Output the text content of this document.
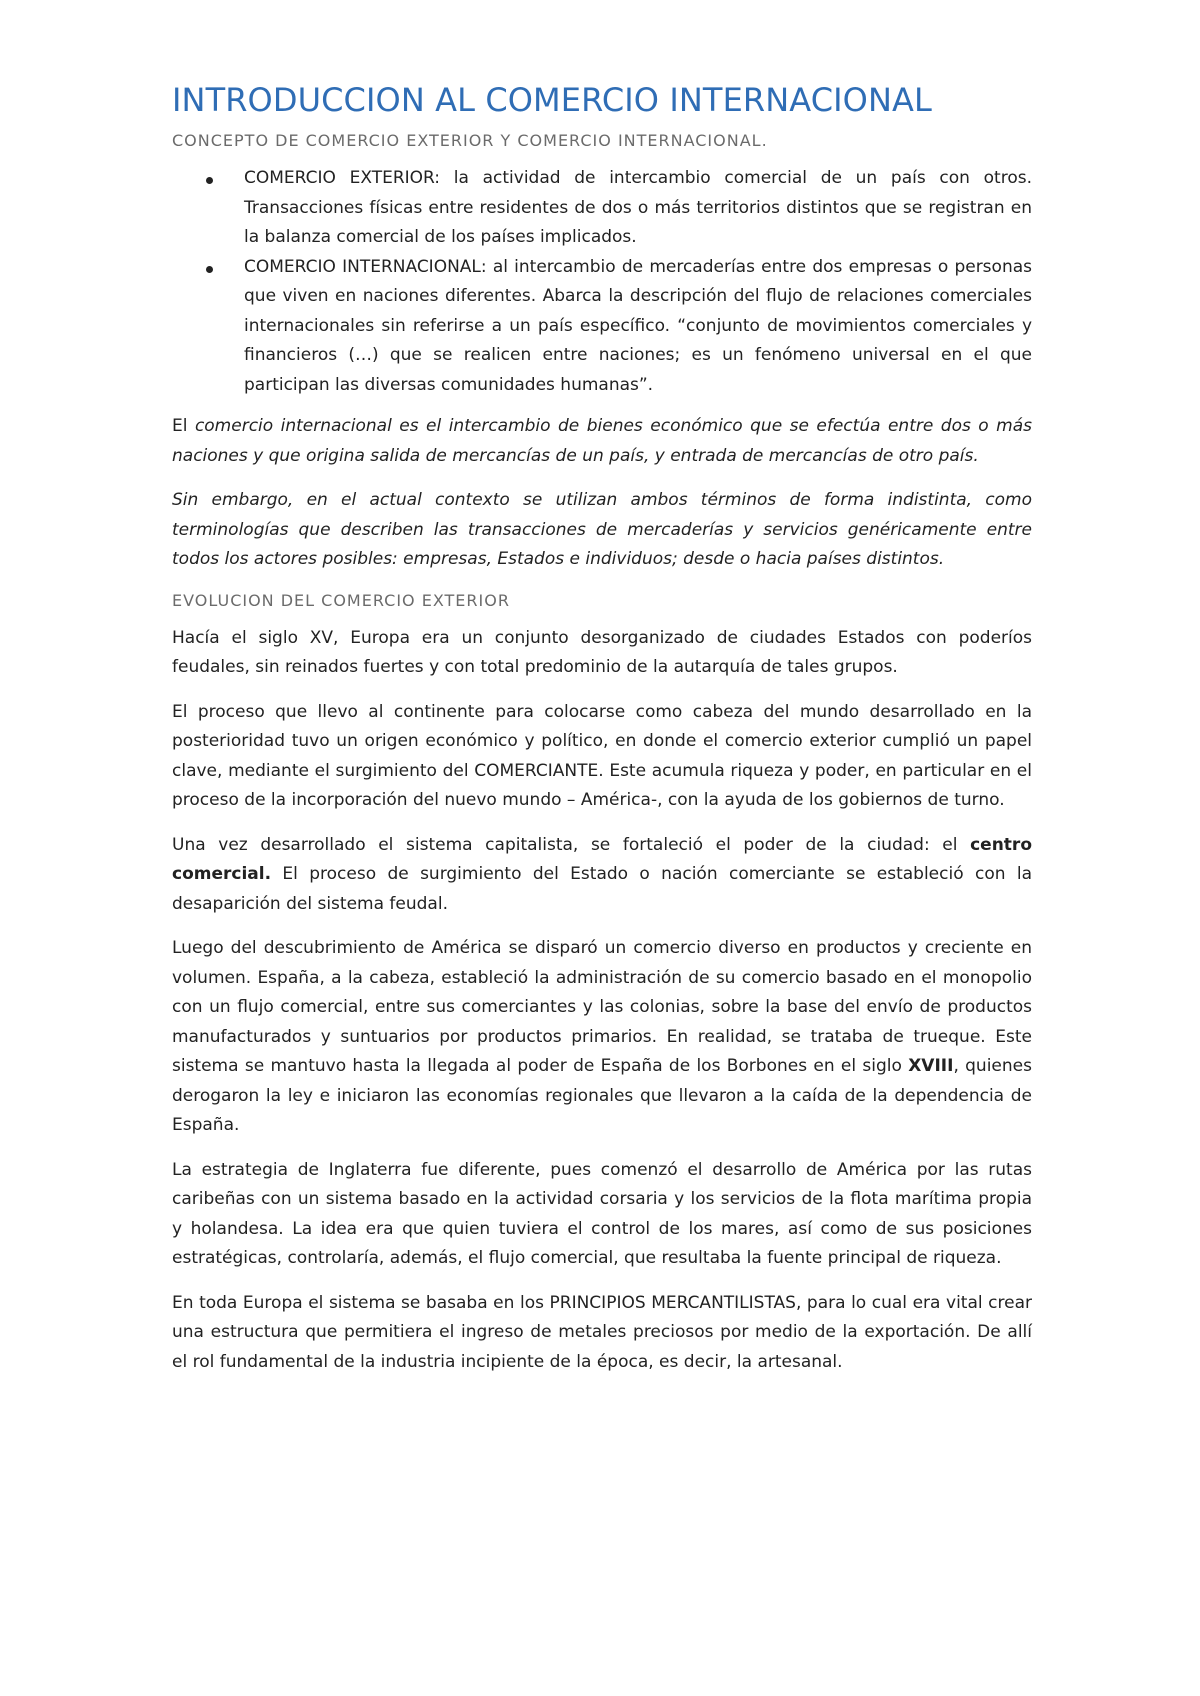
INTRODUCCION AL COMERCIO INTERNACIONAL
CONCEPTO DE COMERCIO EXTERIOR Y COMERCIO INTERNACIONAL.
COMERCIO EXTERIOR: la actividad de intercambio comercial de un país con otros. Transacciones físicas entre residentes de dos o más territorios distintos que se registran en la balanza comercial de los países implicados.
COMERCIO INTERNACIONAL: al intercambio de mercaderías entre dos empresas o personas que viven en naciones diferentes. Abarca la descripción del flujo de relaciones comerciales internacionales sin referirse a un país específico. “conjunto de movimientos comerciales y financieros (…) que se realicen entre naciones; es un fenómeno universal en el que participan las diversas comunidades humanas”.

El comercio internacional es el intercambio de bienes económico que se efectúa entre dos o más naciones y que origina salida de mercancías de un país, y entrada de mercancías de otro país.

Sin embargo, en el actual contexto se utilizan ambos términos de forma indistinta, como terminologías que describen las transacciones de mercaderías y servicios genéricamente entre todos los actores posibles: empresas, Estados e individuos; desde o hacia países distintos.

EVOLUCION DEL COMERCIO EXTERIOR

Hacía el siglo XV, Europa era un conjunto desorganizado de ciudades Estados con poderíos feudales, sin reinados fuertes y con total predominio de la autarquía de tales grupos.

El proceso que llevo al continente para colocarse como cabeza del mundo desarrollado en la posterioridad tuvo un origen económico y político, en donde el comercio exterior cumplió un papel clave, mediante el surgimiento del COMERCIANTE. Este acumula riqueza y poder, en particular en el proceso de la incorporación del nuevo mundo – América-, con la ayuda de los gobiernos de turno.

Una vez desarrollado el sistema capitalista, se fortaleció el poder de la ciudad: el centro comercial. El proceso de surgimiento del Estado o nación comerciante se estableció con la desaparición del sistema feudal.

Luego del descubrimiento de América se disparó un comercio diverso en productos y creciente en volumen. España, a la cabeza, estableció la administración de su comercio basado en el monopolio con un flujo comercial, entre sus comerciantes y las colonias, sobre la base del envío de productos manufacturados y suntuarios por productos primarios. En realidad, se trataba de trueque. Este sistema se mantuvo hasta la llegada al poder de España de los Borbones en el siglo XVIII, quienes derogaron la ley e iniciaron las economías regionales que llevaron a la caída de la dependencia de España.

La estrategia de Inglaterra fue diferente, pues comenzó el desarrollo de América por las rutas caribeñas con un sistema basado en la actividad corsaria y los servicios de la flota marítima propia y holandesa. La idea era que quien tuviera el control de los mares, así como de sus posiciones estratégicas, controlaría, además, el flujo comercial, que resultaba la fuente principal de riqueza.

En toda Europa el sistema se basaba en los PRINCIPIOS MERCANTILISTAS, para lo cual era vital crear una estructura que permitiera el ingreso de metales preciosos por medio de la exportación. De allí el rol fundamental de la industria incipiente de la época, es decir, la artesanal.
